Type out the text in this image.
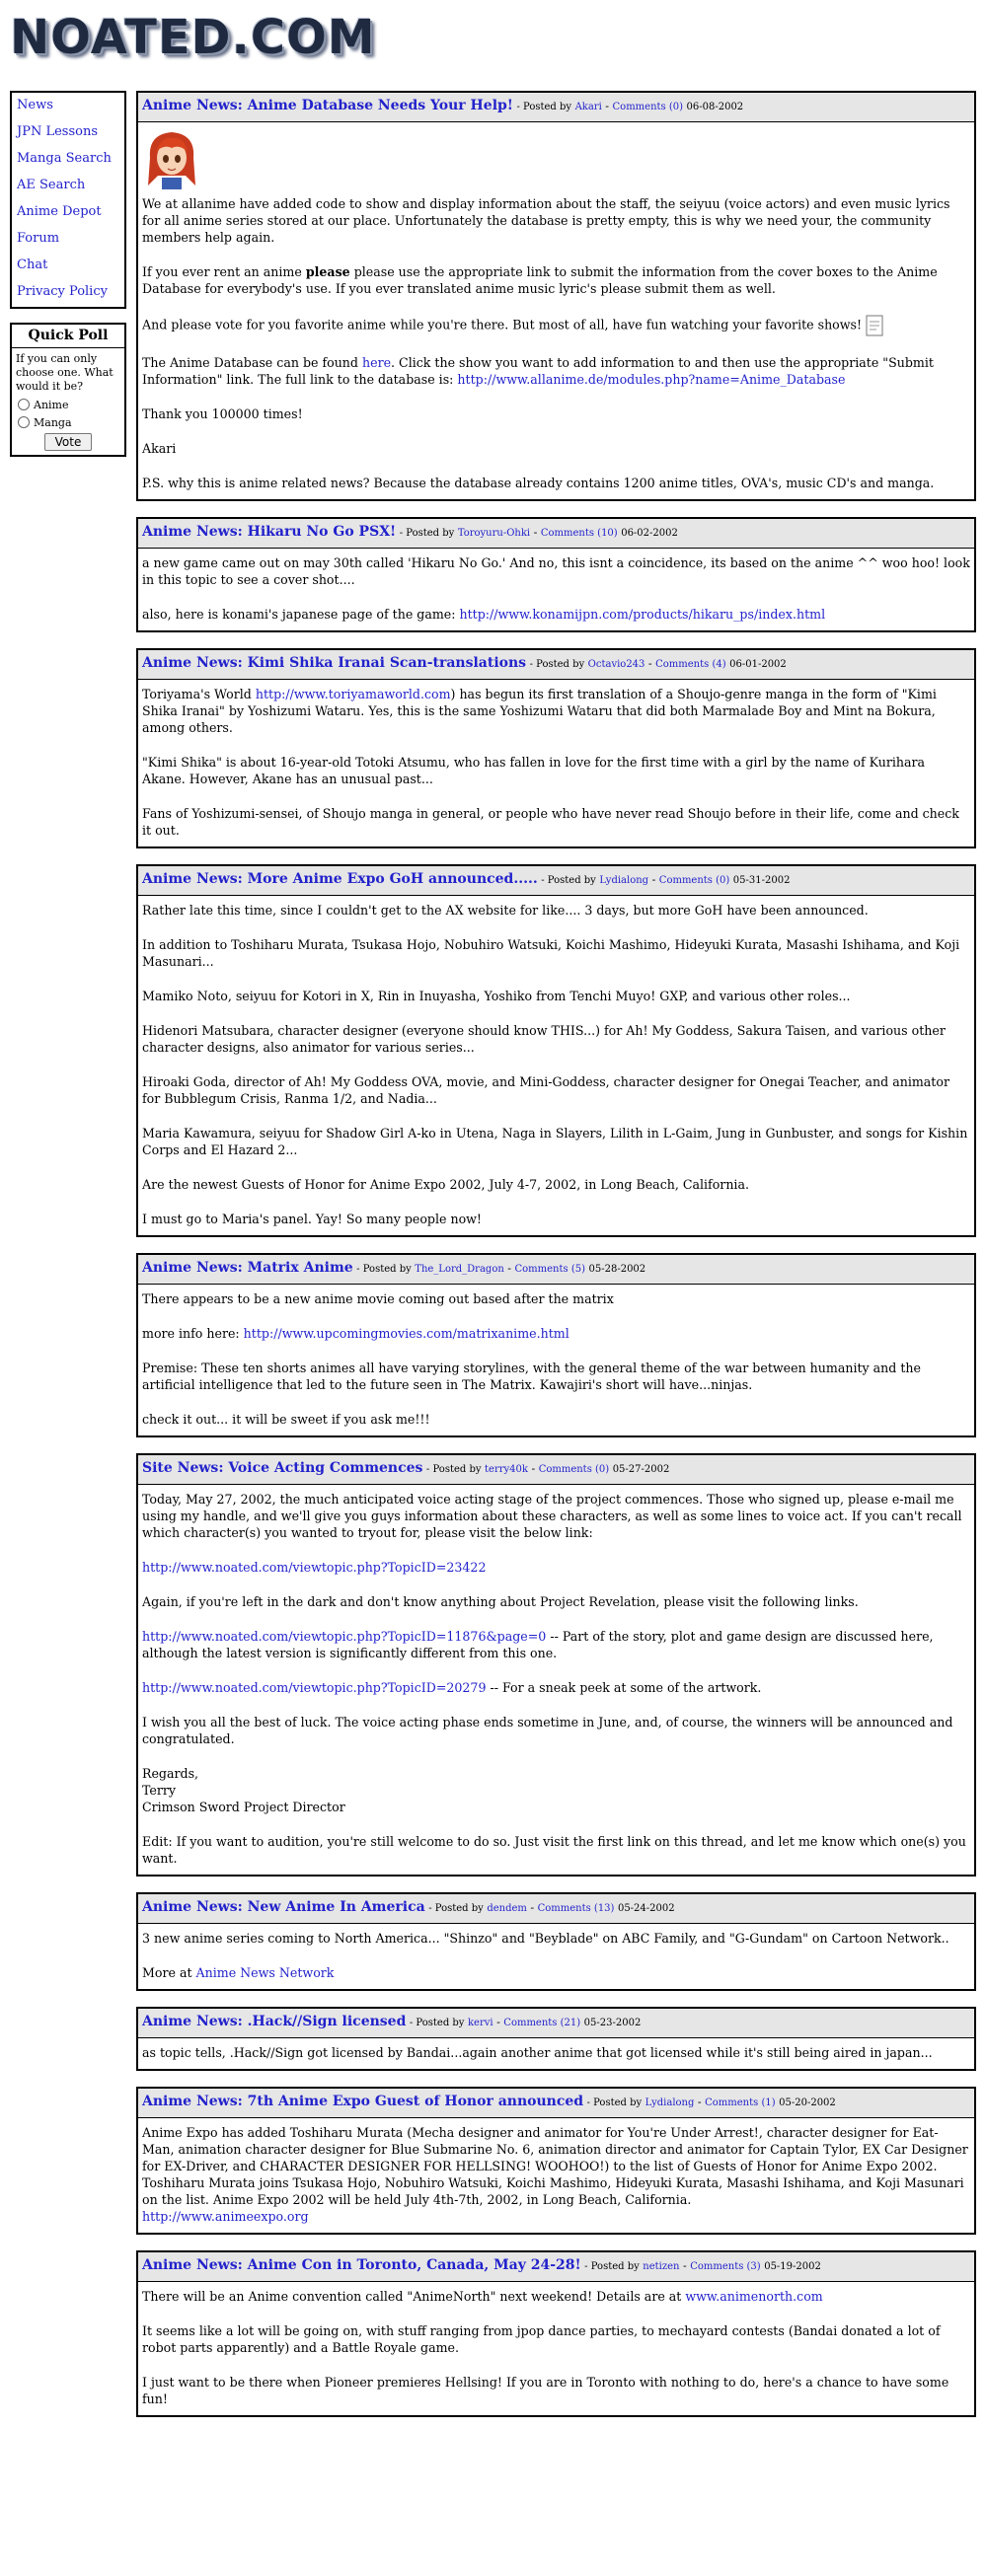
NOATED.COM
News
JPN Lessons
Manga Search
AE Search
Anime Depot
Forum
Chat
Privacy Policy
Quick Poll
If you can only choose one. What would it be?
Anime
Manga
Vote
Anime News: Anime Database Needs Your Help! - Posted by Akari - Comments (0) 06-08-2002

We at allanime have added code to show and display information about the staff, the seiyuu (voice actors) and even music lyrics for all anime series stored at our place. Unfortunately the database is pretty empty, this is why we need your, the community members help again.

If you ever rent an anime please please use the appropriate link to submit the information from the cover boxes to the Anime Database for everybody's use. If you ever translated anime music lyric's please submit them as well.

And please vote for you favorite anime while you're there. But most of all, have fun watching your favorite shows!

The Anime Database can be found here. Click the show you want to add information to and then use the appropriate "Submit Information" link. The full link to the database is: http://www.allanime.de/modules.php?name=Anime_Database

Thank you 100000 times!

Akari

P.S. why this is anime related news? Because the database already contains 1200 anime titles, OVA's, music CD's and manga.

Anime News: Hikaru No Go PSX! - Posted by Toroyuru-Ohki - Comments (10) 06-02-2002

a new game came out on may 30th called 'Hikaru No Go.' And no, this isnt a coincidence, its based on the anime ^^ woo hoo! look in this topic to see a cover shot....

also, here is konami's japanese page of the game: http://www.konamijpn.com/products/hikaru_ps/index.html

Anime News: Kimi Shika Iranai Scan-translations - Posted by Octavio243 - Comments (4) 06-01-2002

Toriyama's World http://www.toriyamaworld.com) has begun its first translation of a Shoujo-genre manga in the form of "Kimi Shika Iranai" by Yoshizumi Wataru. Yes, this is the same Yoshizumi Wataru that did both Marmalade Boy and Mint na Bokura, among others.

"Kimi Shika" is about 16-year-old Totoki Atsumu, who has fallen in love for the first time with a girl by the name of Kurihara Akane. However, Akane has an unusual past...

Fans of Yoshizumi-sensei, of Shoujo manga in general, or people who have never read Shoujo before in their life, come and check it out.

Anime News: More Anime Expo GoH announced..... - Posted by Lydialong - Comments (0) 05-31-2002

Rather late this time, since I couldn't get to the AX website for like.... 3 days, but more GoH have been announced.

In addition to Toshiharu Murata, Tsukasa Hojo, Nobuhiro Watsuki, Koichi Mashimo, Hideyuki Kurata, Masashi Ishihama, and Koji Masunari...

Mamiko Noto, seiyuu for Kotori in X, Rin in Inuyasha, Yoshiko from Tenchi Muyo! GXP, and various other roles...

Hidenori Matsubara, character designer (everyone should know THIS...) for Ah! My Goddess, Sakura Taisen, and various other character designs, also animator for various series...

Hiroaki Goda, director of Ah! My Goddess OVA, movie, and Mini-Goddess, character designer for Onegai Teacher, and animator for Bubblegum Crisis, Ranma 1/2, and Nadia...

Maria Kawamura, seiyuu for Shadow Girl A-ko in Utena, Naga in Slayers, Lilith in L-Gaim, Jung in Gunbuster, and songs for Kishin Corps and El Hazard 2...

Are the newest Guests of Honor for Anime Expo 2002, July 4-7, 2002, in Long Beach, California.

I must go to Maria's panel. Yay! So many people now!

Anime News: Matrix Anime - Posted by The_Lord_Dragon - Comments (5) 05-28-2002

There appears to be a new anime movie coming out based after the matrix

more info here: http://www.upcomingmovies.com/matrixanime.html

Premise: These ten shorts animes all have varying storylines, with the general theme of the war between humanity and the artificial intelligence that led to the future seen in The Matrix. Kawajiri's short will have...ninjas.

check it out... it will be sweet if you ask me!!!

Site News: Voice Acting Commences - Posted by terry40k - Comments (0) 05-27-2002

Today, May 27, 2002, the much anticipated voice acting stage of the project commences. Those who signed up, please e-mail me using my handle, and we'll give you guys information about these characters, as well as some lines to voice act. If you can't recall which character(s) you wanted to tryout for, please visit the below link:

http://www.noated.com/viewtopic.php?TopicID=23422

Again, if you're left in the dark and don't know anything about Project Revelation, please visit the following links.

http://www.noated.com/viewtopic.php?TopicID=11876&page=0 -- Part of the story, plot and game design are discussed here, although the latest version is significantly different from this one.

http://www.noated.com/viewtopic.php?TopicID=20279 -- For a sneak peek at some of the artwork.

I wish you all the best of luck. The voice acting phase ends sometime in June, and, of course, the winners will be announced and congratulated.

Regards,
Terry
Crimson Sword Project Director

Edit: If you want to audition, you're still welcome to do so. Just visit the first link on this thread, and let me know which one(s) you want.

Anime News: New Anime In America - Posted by dendem - Comments (13) 05-24-2002

3 new anime series coming to North America... "Shinzo" and "Beyblade" on ABC Family, and "G-Gundam" on Cartoon Network..

More at Anime News Network

Anime News: .Hack//Sign licensed - Posted by kervi - Comments (21) 05-23-2002

as topic tells, .Hack//Sign got licensed by Bandai...again another anime that got licensed while it's still being aired in japan...

Anime News: 7th Anime Expo Guest of Honor announced - Posted by Lydialong - Comments (1) 05-20-2002

Anime Expo has added Toshiharu Murata (Mecha designer and animator for You're Under Arrest!, character designer for Eat-Man, animation character designer for Blue Submarine No. 6, animation director and animator for Captain Tylor, EX Car Designer for EX-Driver, and CHARACTER DESIGNER FOR HELLSING! WOOHOO!) to the list of Guests of Honor for Anime Expo 2002. Toshiharu Murata joins Tsukasa Hojo, Nobuhiro Watsuki, Koichi Mashimo, Hideyuki Kurata, Masashi Ishihama, and Koji Masunari

on the list. Anime Expo 2002 will be held July 4th-7th, 2002, in Long Beach, California.

http://www.animeexpo.org

Anime News: Anime Con in Toronto, Canada, May 24-28! - Posted by netizen - Comments (3) 05-19-2002

There will be an Anime convention called "AnimeNorth" next weekend! Details are at www.animenorth.com

It seems like a lot will be going on, with stuff ranging from jpop dance parties, to mechayard contests (Bandai donated a lot of robot parts apparently) and a Battle Royale game.

I just want to be there when Pioneer premieres Hellsing! If you are in Toronto with nothing to do, here's a chance to have some fun!
